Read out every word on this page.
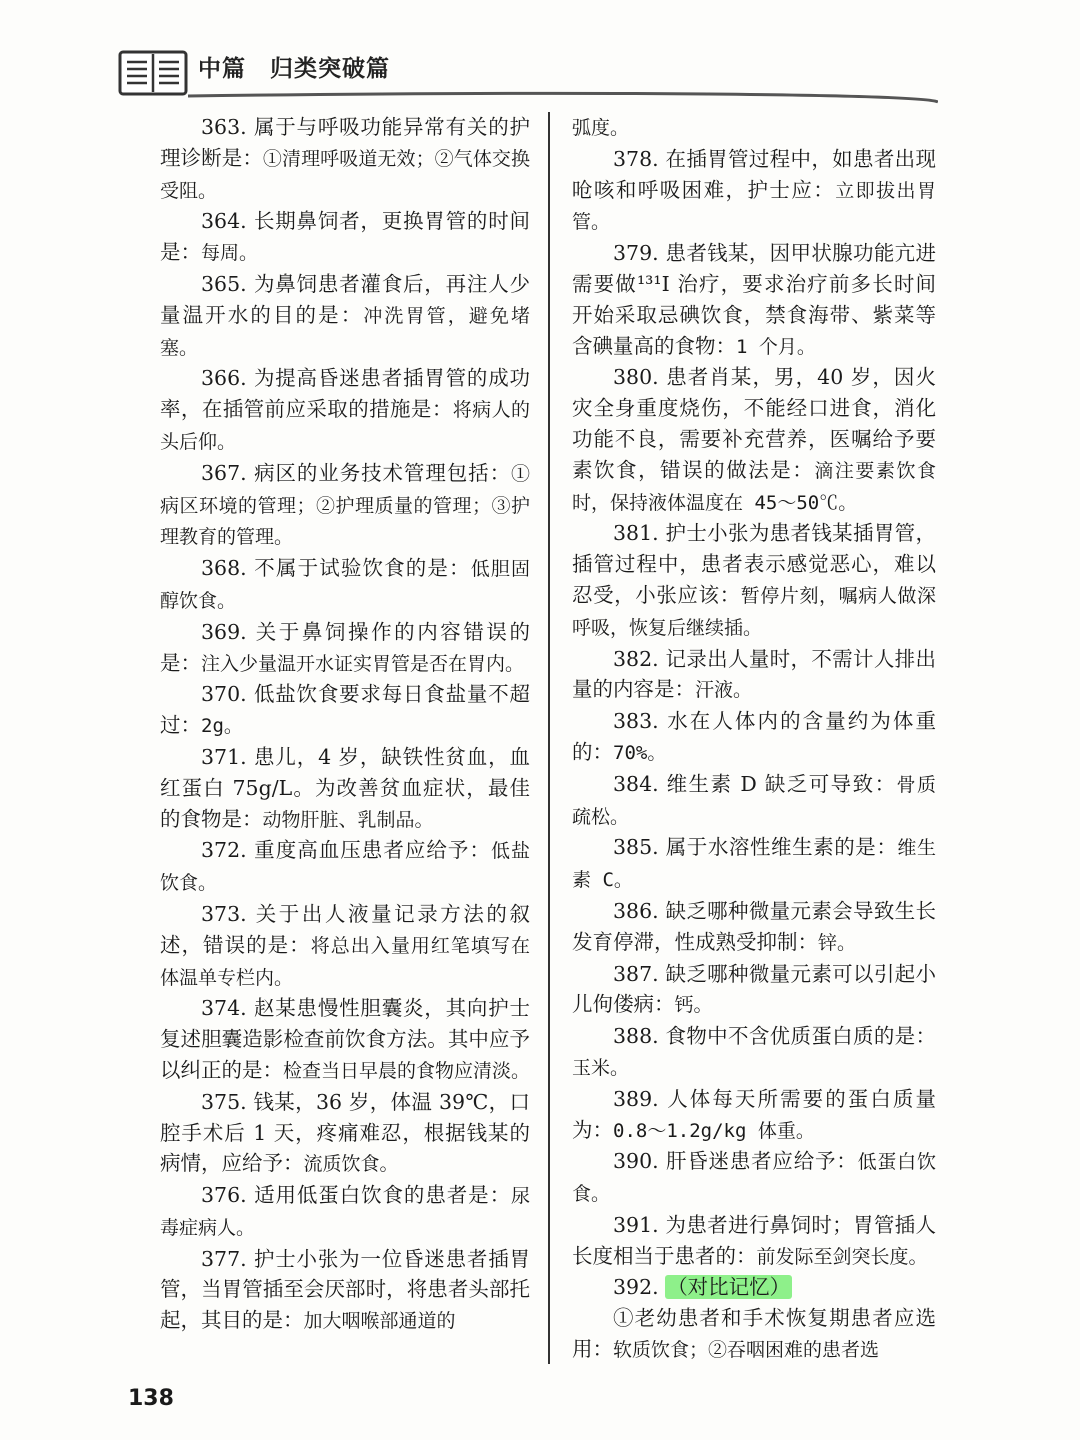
中篇　归类突破篇

363. 属于与呼吸功能异常有关的护理诊断是：①清理呼吸道无效；②气体交换受阻。

364. 长期鼻饲者，更换胃管的时间是：每周。

365. 为鼻饲患者灌食后，再注人少量温开水的目的是：冲洗胃管，避免堵塞。

366. 为提高昏迷患者插胃管的成功率，在插管前应采取的措施是：将病人的头后仰。

367. 病区的业务技术管理包括：①病区环境的管理；②护理质量的管理；③护理教育的管理。

368. 不属于试验饮食的是：低胆固醇饮食。

369. 关于鼻饲操作的内容错误的是：注入少量温开水证实胃管是否在胃内。

370. 低盐饮食要求每日食盐量不超过：2g。

371. 患儿，4 岁，缺铁性贫血，血红蛋白 75g/L。为改善贫血症状，最佳的食物是：动物肝脏、乳制品。

372. 重度高血压患者应给予：低盐饮食。

373. 关于出人液量记录方法的叙述，错误的是：将总出入量用红笔填写在体温单专栏内。

374. 赵某患慢性胆囊炎，其向护士复述胆囊造影检查前饮食方法。其中应予以纠正的是：检查当日早晨的食物应清淡。

375. 钱某，36 岁，体温 39℃，口腔手术后 1 天，疼痛难忍，根据钱某的病情，应给予：流质饮食。

376. 适用低蛋白饮食的患者是：尿毒症病人。

377. 护士小张为一位昏迷患者插胃管，当胃管插至会厌部时，将患者头部托起，其目的是：加大咽喉部通道的

弧度。

378. 在插胃管过程中，如患者出现呛咳和呼吸困难，护士应：立即拔出胃管。

379. 患者钱某，因甲状腺功能亢进需要做¹³¹I 治疗，要求治疗前多长时间开始采取忌碘饮食，禁食海带、紫菜等含碘量高的食物：1 个月。

380. 患者肖某，男，40 岁，因火灾全身重度烧伤，不能经口进食，消化功能不良，需要补充营养，医嘱给予要素饮食，错误的做法是：滴注要素饮食时，保持液体温度在 45～50℃。

381. 护士小张为患者钱某插胃管，插管过程中，患者表示感觉恶心，难以忍受，小张应该：暂停片刻，嘱病人做深呼吸，恢复后继续插。

382. 记录出人量时，不需计人排出量的内容是：汗液。

383. 水在人体内的含量约为体重的：70%。

384. 维生素 D 缺乏可导致：骨质疏松。

385. 属于水溶性维生素的是：维生素 C。

386. 缺乏哪种微量元素会导致生长发育停滞，性成熟受抑制：锌。

387. 缺乏哪种微量元素可以引起小儿佝偻病：钙。

388. 食物中不含优质蛋白质的是：玉米。

389. 人体每天所需要的蛋白质量为：0.8～1.2g/kg 体重。

390. 肝昏迷患者应给予：低蛋白饮食。

391. 为患者进行鼻饲时；胃管插人长度相当于患者的：前发际至剑突长度。

392. （对比记忆）

①老幼患者和手术恢复期患者应选用：软质饮食；②吞咽困难的患者选

138
